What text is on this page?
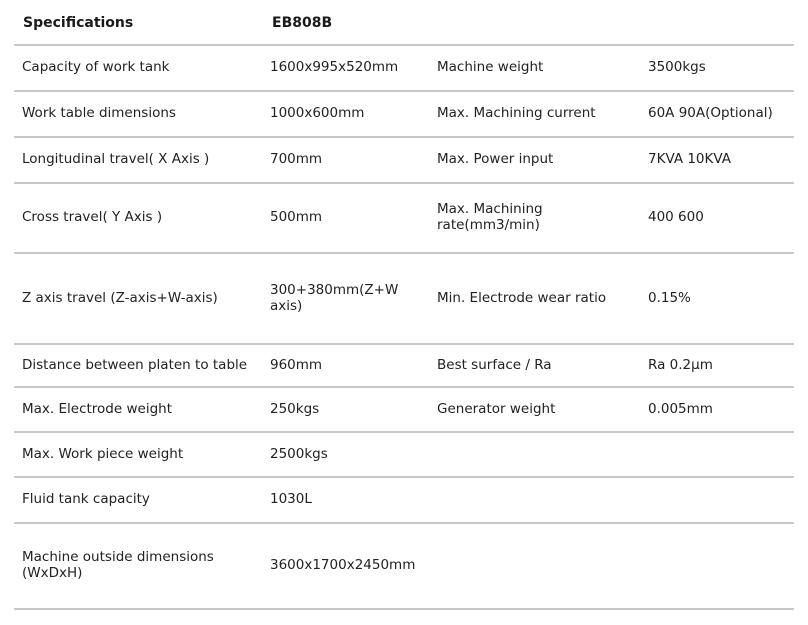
Specifications	EB808B
Capacity of work tank	1600x995x520mm	Machine weight	3500kgs
Work table dimensions	1000x600mm	Max. Machining current	60A 90A(Optional)
Longitudinal travel( X Axis )	700mm	Max. Power input	7KVA 10KVA
Cross travel( Y Axis )	500mm	Max. Machining rate(mm3/min)	400 600
Z axis travel (Z-axis+W-axis)	300+380mm(Z+W axis)	Min. Electrode wear ratio	0.15%
Distance between platen to table	960mm	Best surface / Ra	Ra 0.2μm
Max. Electrode weight	250kgs	Generator weight	0.005mm
Max. Work piece weight	2500kgs
Fluid tank capacity	1030L
Machine outside dimensions (WxDxH)	3600x1700x2450mm
